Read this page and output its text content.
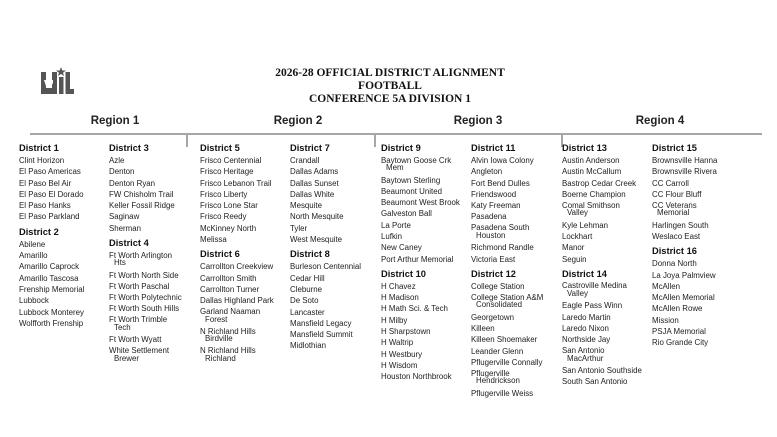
2026-28 OFFICIAL DISTRICT ALIGNMENT
FOOTBALL
CONFERENCE 5A DIVISION 1
Region 1	Region 2	Region 3	Region 4
District 1
Clint Horizon
El Paso Americas
El Paso Bel Air
El Paso El Dorado
El Paso Hanks
El Paso Parkland
District 2
Abilene
Amarillo
Amarillo Caprock
Amarillo Tascosa
Frenship Memorial
Lubbock
Lubbock Monterey
Wolfforth Frenship
District 3
Azle
Denton
Denton Ryan
FW Chisholm Trail
Keller Fossil Ridge
Saginaw
Sherman
District 4
Ft Worth Arlington
Hts
Ft Worth North Side
Ft Worth Paschal
Ft Worth Polytechnic
Ft Worth South Hills
Ft Worth Trimble
Tech
Ft Worth Wyatt
White Settlement
Brewer
District 5
Frisco Centennial
Frisco Heritage
Frisco Lebanon Trail
Frisco Liberty
Frisco Lone Star
Frisco Reedy
McKinney North
Melissa
District 6
Carrollton Creekview
Carrollton Smith
Carrollton Turner
Dallas Highland Park
Garland Naaman
Forest
N Richland Hills
Birdville
N Richland Hills
Richland
District 7
Crandall
Dallas Adams
Dallas Sunset
Dallas White
Mesquite
North Mesquite
Tyler
West Mesquite
District 8
Burleson Centennial
Cedar Hill
Cleburne
De Soto
Lancaster
Mansfield Legacy
Mansfield Summit
Midlothian
District 9
Baytown Goose Crk
Mem
Baytown Sterling
Beaumont United
Beaumont West Brook
Galveston Ball
La Porte
Lufkin
New Caney
Port Arthur Memorial
District 10
H Chavez
H Madison
H Math Sci. & Tech
H Milby
H Sharpstown
H Waltrip
H Westbury
H Wisdom
Houston Northbrook
District 11
Alvin Iowa Colony
Angleton
Fort Bend Dulles
Friendswood
Katy Freeman
Pasadena
Pasadena South
Houston
Richmond Randle
Victoria East
District 12
College Station
College Station A&M
Consolidated
Georgetown
Killeen
Killeen Shoemaker
Leander Glenn
Pflugerville Connally
Pflugerville
Hendrickson
Pflugerville Weiss
District 13
Austin Anderson
Austin McCallum
Bastrop Cedar Creek
Boerne Champion
Comal Smithson
Valley
Kyle Lehman
Lockhart
Manor
Seguin
District 14
Castroville Medina
Valley
Eagle Pass Winn
Laredo Martin
Laredo Nixon
Northside Jay
San Antonio
MacArthur
San Antonio Southside
South San Antonio
District 15
Brownsville Hanna
Brownsville Rivera
CC Carroll
CC Flour Bluff
CC Veterans
Memorial
Harlingen South
Weslaco East
District 16
Donna North
La Joya Palmview
McAllen
McAllen Memorial
McAllen Rowe
Mission
PSJA Memorial
Rio Grande City
